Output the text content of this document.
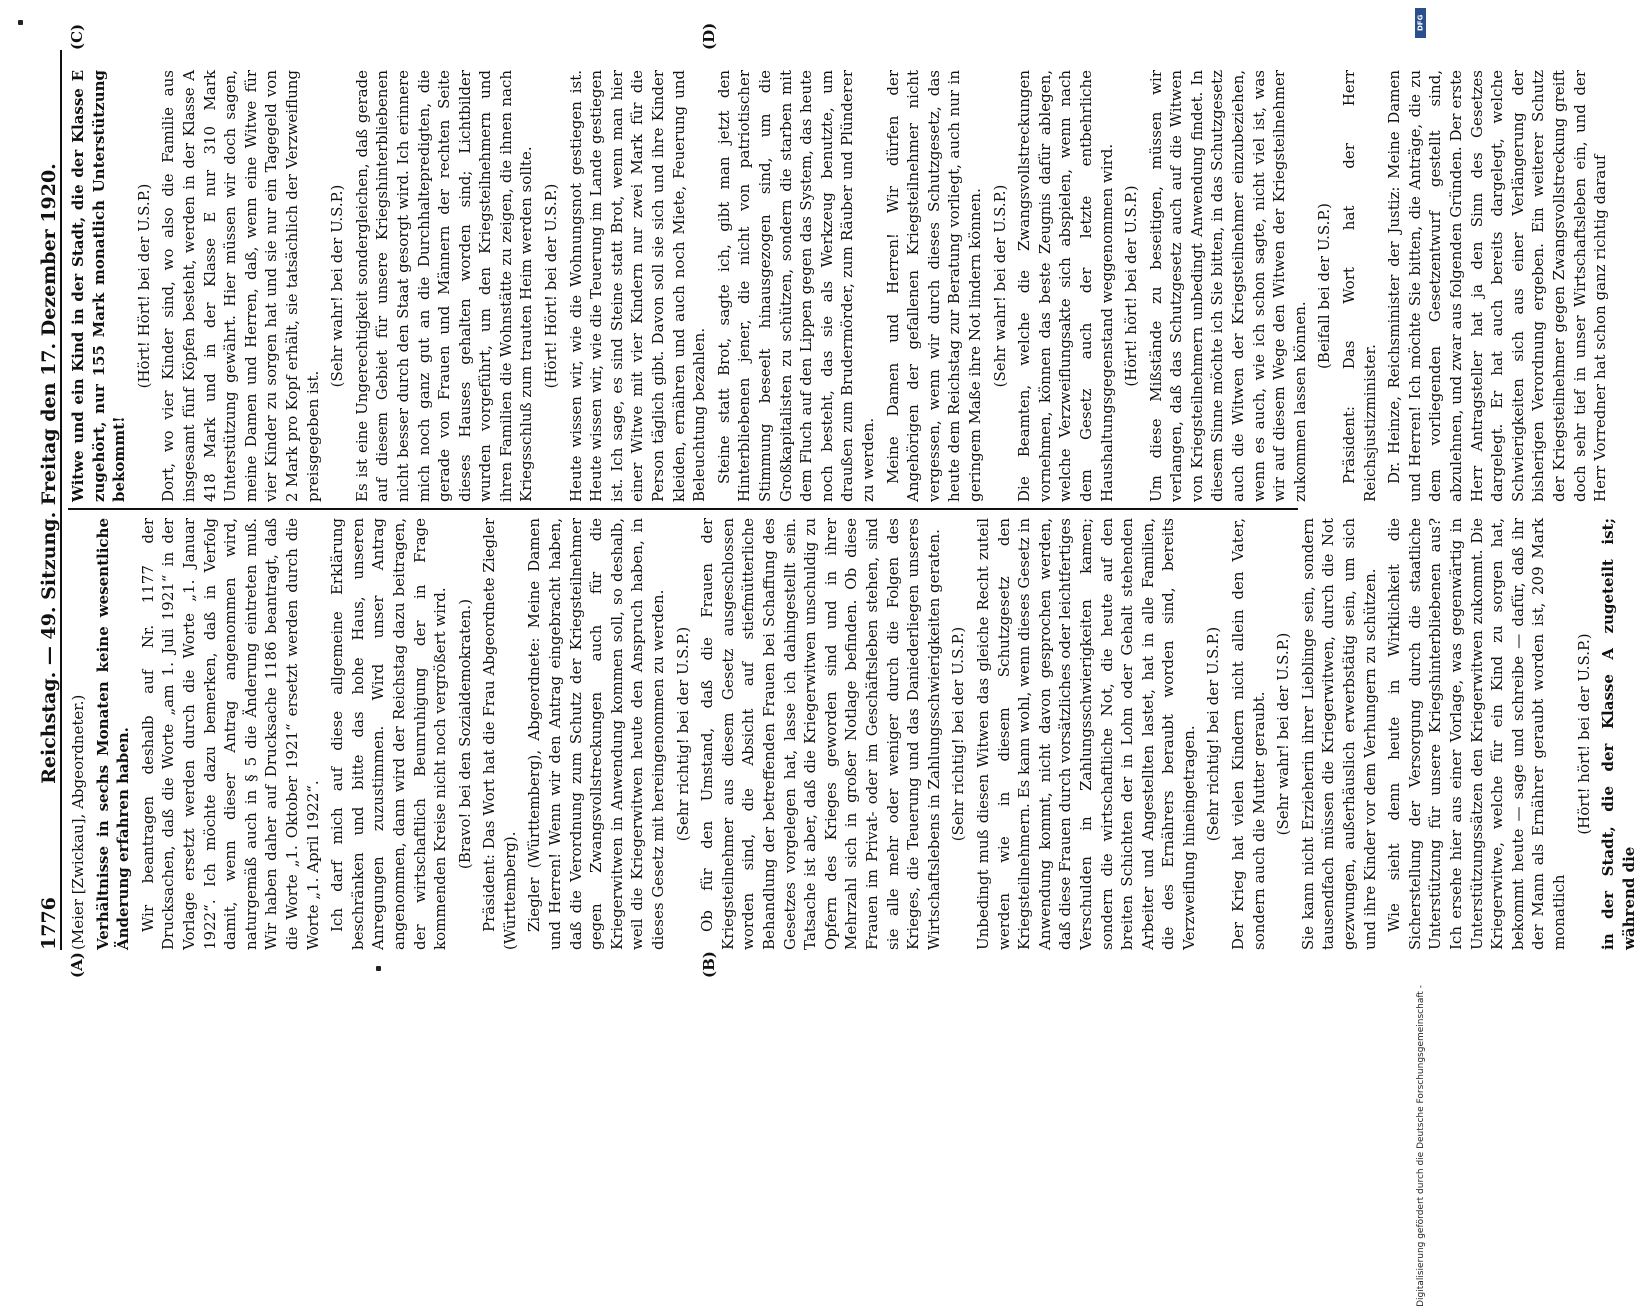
1776
Reichstag. — 49. Sitzung. Freitag den 17. Dezember 1920.

(Meier [Zwickau], Abgeordneter.) Verhältnisse in sechs Monaten keine wesentliche Änderung erfahren haben. Wir beantragen deshalb auf Nr. 1177 der Drucksachen, daß die Worte „am 1. Juli 1921“ in der Vorlage ersetzt werden durch die Worte „1. Januar 1922“. Ich möchte dazu bemerken, daß in Verfolg damit, wenn dieser Antrag angenommen wird, naturgemäß auch in § 5 die Änderung eintreten muß. Wir haben daher auf Drucksache 1186 beantragt, daß die Worte „1. Oktober 1921“ ersetzt werden durch die Worte „1. April 1922“. Ich darf mich auf diese allgemeine Erklärung beschränken und bitte das hohe Haus, unseren Anregungen zuzustimmen. Wird unser Antrag angenommen, dann wird der Reichstag dazu beitragen, der wirtschaftlich Beunruhigung der in Frage kommenden Kreise nicht noch vergrößert wird. (Bravo! bei den Sozialdemokraten.) Präsident: Das Wort hat die Frau Abgeordnete Ziegler (Württemberg). Ziegler (Württemberg), Abgeordnete: Meine Damen und Herren! Wenn wir den Antrag eingebracht haben, daß die Verordnung zum Schutz der Kriegsteilnehmer gegen Zwangsvollstreckungen auch für die Kriegerwitwen in Anwendung kommen soll, so deshalb, weil die Kriegerwitwen heute den Anspruch haben, in dieses Gesetz mit hereingenommen zu werden. (Sehr richtig! bei der U.S.P.) Ob für den Umstand, daß die Frauen der Kriegsteilnehmer aus diesem Gesetz ausgeschlossen worden sind, die Absicht auf stiefmütterliche Behandlung der betreffenden Frauen bei Schaffung des Gesetzes vorgelegen hat, lasse ich dahingestellt sein. Tatsache ist aber, daß die Kriegerwitwen unschuldig zu Opfern des Krieges geworden sind und in ihrer Mehrzahl sich in großer Notlage befinden. Ob diese Frauen im Privat- oder im Geschäftsleben stehen, sind sie alle mehr oder weniger durch die Folgen des Krieges, die Teuerung und das Daniederliegen unseres Wirtschaftslebens in Zahlungsschwierigkeiten geraten. (Sehr richtig! bei der U.S.P.) Unbedingt muß diesen Witwen das gleiche Recht zuteil werden wie in diesem Schutzgesetz den Kriegsteilnehmern. Es kann wohl, wenn dieses Gesetz in Anwendung kommt, nicht davon gesprochen werden, daß diese Frauen durch vorsätzliches oder leichtfertiges Verschulden in Zahlungsschwierigkeiten kamen; sondern die wirtschaftliche Not, die heute auf den breiten Schichten der in Lohn oder Gehalt stehenden Arbeiter und Angestellten lastet, hat in alle Familien, die des Ernährers beraubt worden sind, bereits Verzweiflung hineingetragen. (Sehr richtig! bei der U.S.P.) Der Krieg hat vielen Kindern nicht allein den Vater, sondern auch die Mutter geraubt. (Sehr wahr! bei der U.S.P.) Sie kann nicht Erzieherin ihrer Lieblinge sein, sondern tausendfach müssen die Kriegerwitwen, durch die Not gezwungen, außerhäuslich erwerbstätig sein, um sich und ihre Kinder vor dem Verhungern zu schützen. Wie sieht denn heute in Wirklichkeit die Sicherstellung der Versorgung durch die staatliche Unterstützung für unsere Kriegshinterbliebenen aus? Ich ersehe hier aus einer Vorlage, was gegenwärtig in Unterstützungssätzen den Kriegerwitwen zukommt. Die Kriegerwitwe, welche für ein Kind zu sorgen hat, bekommt heute — sage und schreibe — dafür, daß ihr der Mann als Ernährer geraubt worden ist, 209 Mark monatlich

(Hört! hört! bei der U.S.P.) in der Stadt, die der Klasse A zugeteilt ist; während die

Witwe und ein Kind in der Stadt, die der Klasse E zugehört, nur 155 Mark monatlich Unterstützung bekommt!

(Hört! Hört! bei der U.S.P.) Dort, wo vier Kinder sind, wo also die Familie aus insgesamt fünf Köpfen besteht, werden in der Klasse A 418 Mark und in der Klasse E nur 310 Mark Unterstützung gewährt. Hier müssen wir doch sagen, meine Damen und Herren, daß, wenn eine Witwe für vier Kinder zu sorgen hat und sie nur ein Tagegeld von 2 Mark pro Kopf erhält, sie tatsächlich der Verzweiflung preisgegeben ist.

(Sehr wahr! bei der U.S.P.) Es ist eine Ungerechtigkeit sondergleichen, daß gerade auf diesem Gebiet für unsere Kriegshinterbliebenen nicht besser durch den Staat gesorgt wird. Ich erinnere mich noch ganz gut an die Durchhaltepredigten, die gerade von Frauen und Männern der rechten Seite dieses Hauses gehalten worden sind; Lichtbilder wurden vorgeführt, um den Kriegsteilnehmern und ihren Familien die Wohnstätte zu zeigen, die ihnen nach Kriegsschluß zum trauten Heim werden sollte. (Hört! Hört! bei der U.S.P.) Heute wissen wir, wie die Wohnungsnot gestiegen ist. Heute wissen wir, wie die Teuerung im Lande gestiegen ist. Ich sage, es sind Steine statt Brot, wenn man hier einer Witwe mit vier Kindern nur zwei Mark für die Person täglich gibt. Davon soll sie sich und ihre Kinder kleiden, ernähren und auch noch Miete, Feuerung und Beleuchtung bezahlen. Steine statt Brot, sagte ich, gibt man jetzt den Hinterbliebenen jener, die nicht von patriotischer Stimmung beseelt hinausgezogen sind, um die Großkapitalisten zu schützen, sondern die starben mit dem Fluch auf den Lippen gegen das System, das heute noch besteht, das sie als Werkzeug benutzte, um draußen zum Brudermörder, zum Räuber und Plünderer zu werden. Meine Damen und Herren! Wir dürfen der Angehörigen der gefallenen Kriegsteilnehmer nicht vergessen, wenn wir durch dieses Schutzgesetz, das heute dem Reichstag zur Beratung vorliegt, auch nur in geringem Maße ihre Not lindern können. (Sehr wahr! bei der U.S.P.) Die Beamten, welche die Zwangsvollstreckungen vornehmen, können das beste Zeugnis dafür ablegen, welche Verzweiflungsakte sich abspielen, wenn nach dem Gesetz auch der letzte entbehrliche Haushaltungsgegenstand weggenommen wird. (Hört! hört! bei der U.S.P.) Um diese Mißstände zu beseitigen, müssen wir verlangen, daß das Schutzgesetz auch auf die Witwen von Kriegsteilnehmern unbedingt Anwendung findet. In diesem Sinne möchte ich Sie bitten, in das Schutzgesetz auch die Witwen der Kriegsteilnehmer einzubeziehen, wenn es auch, wie ich schon sagte, nicht viel ist, was wir auf diesem Wege den Witwen der Kriegsteilnehmer zukommen lassen können.

(Beifall bei der U.S.P.) Präsident: Das Wort hat der Herr Reichsjustizminister. Dr. Heinze, Reichsminister der Justiz: Meine Damen und Herren! Ich möchte Sie bitten, die Anträge, die zu dem vorliegenden Gesetzentwurf gestellt sind, abzulehnen, und zwar aus folgenden Gründen. Der erste Herr Antragsteller hat ja den Sinn des Gesetzes dargelegt. Er hat auch bereits dargelegt, welche Schwierigkeiten sich aus einer Verlängerung der bisherigen Verordnung ergeben. Ein weiterer Schutz der Kriegsteilnehmer gegen Zwangsvollstreckung greift doch sehr tief in unser Wirtschaftsleben ein, und der Herr Vorredner hat schon ganz richtig darauf

(A)	(B)
(C)	(D)	DFG
Digitalisierung gefördert durch die Deutsche Forschungsgemeinschaft -
